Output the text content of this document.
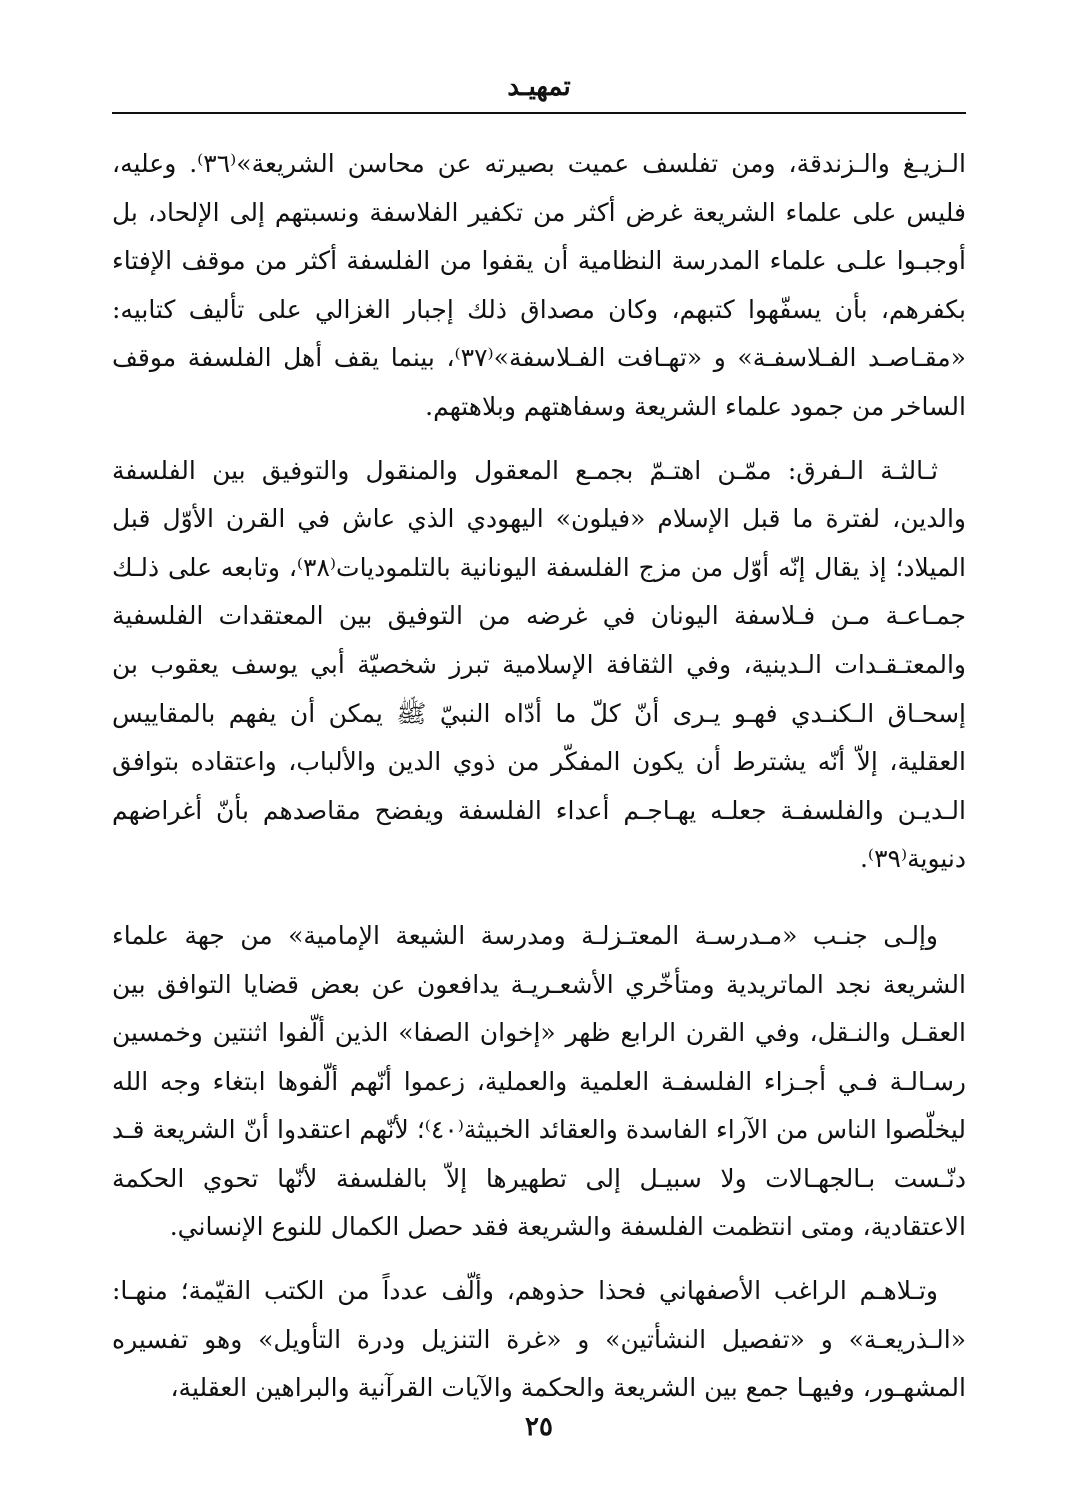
تمهيـد

الـزيـغ والـزندقة، ومن تفلسف عميت بصيرته عن محاسن الشريعة»⁽٣٦⁾. وعليه، فليس على علماء الشريعة غرض أكثر من تكفير الفلاسفة ونسبتهم إلى الإلحاد، بل أوجبـوا علـى علماء المدرسة النظامية أن يقفوا من الفلسفة أكثر من موقف الإفتاء بكفرهم، بأن يسفّهوا كتبهم، وكان مصداق ذلك إجبار الغزالي على تأليف كتابيه: «مقـاصـد الفـلاسفـة» و «تهـافت الفـلاسفة»⁽٣٧⁾، بينما يقف أهل الفلسفة موقف الساخر من جمود علماء الشريعة وسفاهتهم وبلاهتهم.

ثـالثـة الـفرق: ممّـن اهتـمّ بجمـع المعقول والمنقول والتوفيق بين الفلسفة والدين، لفترة ما قبل الإسلام «فيلون» اليهودي الذي عاش في القرن الأوّل قبل الميلاد؛ إذ يقال إنّه أوّل من مزج الفلسفة اليونانية بالتلموديات⁽٣٨⁾، وتابعه على ذلـك جمـاعـة مـن فـلاسفة اليونان في غرضه من التوفيق بين المعتقدات الفلسفية والمعتـقـدات الـدينية، وفي الثقافة الإسلامية تبرز شخصيّة أبي يوسف يعقوب بن إسحـاق الـكنـدي فهـو يـرى أنّ كلّ ما أدّاه النبيّ ﷺ يمكن أن يفهم بالمقاييس العقلية، إلاّ أنّه يشترط أن يكون المفكّر من ذوي الدين والألباب، واعتقاده بتوافق الـديـن والفلسفـة جعلـه يهـاجـم أعداء الفلسفة ويفضح مقاصدهم بأنّ أغراضهم دنيوية⁽٣٩⁾.

وإلـى جنـب «مـدرسـة المعتـزلـة ومدرسة الشيعة الإمامية» من جهة علماء الشريعة نجد الماتريدية ومتأخّري الأشعـريـة يدافعون عن بعض قضايا التوافق بين العقـل والنـقل، وفي القرن الرابع ظهر «إخوان الصفا» الذين ألّفوا اثنتين وخمسين رسـالـة فـي أجـزاء الفلسفـة العلمية والعملية، زعموا أنّهم ألّفوها ابتغاء وجه الله ليخلّصوا الناس من الآراء الفاسدة والعقائد الخبيثة⁽٤٠⁾؛ لأنّهم اعتقدوا أنّ الشريعة قـد دنّـست بـالجهـالات ولا سبيـل إلى تطهيرها إلاّ بالفلسفة لأنّها تحوي الحكمة الاعتقادية، ومتى انتظمت الفلسفة والشريعة فقد حصل الكمال للنوع الإنساني.

وتـلاهـم الراغب الأصفهاني فحذا حذوهم، وألّف عدداً من الكتب القيّمة؛ منهـا: «الـذريعـة» و «تفصيل النشأتين» و «غرة التنزيل ودرة التأويل» وهو تفسيره المشهـور، وفيهـا جمع بين الشريعة والحكمة والآيات القرآنية والبراهين العقلية،

٢٥
